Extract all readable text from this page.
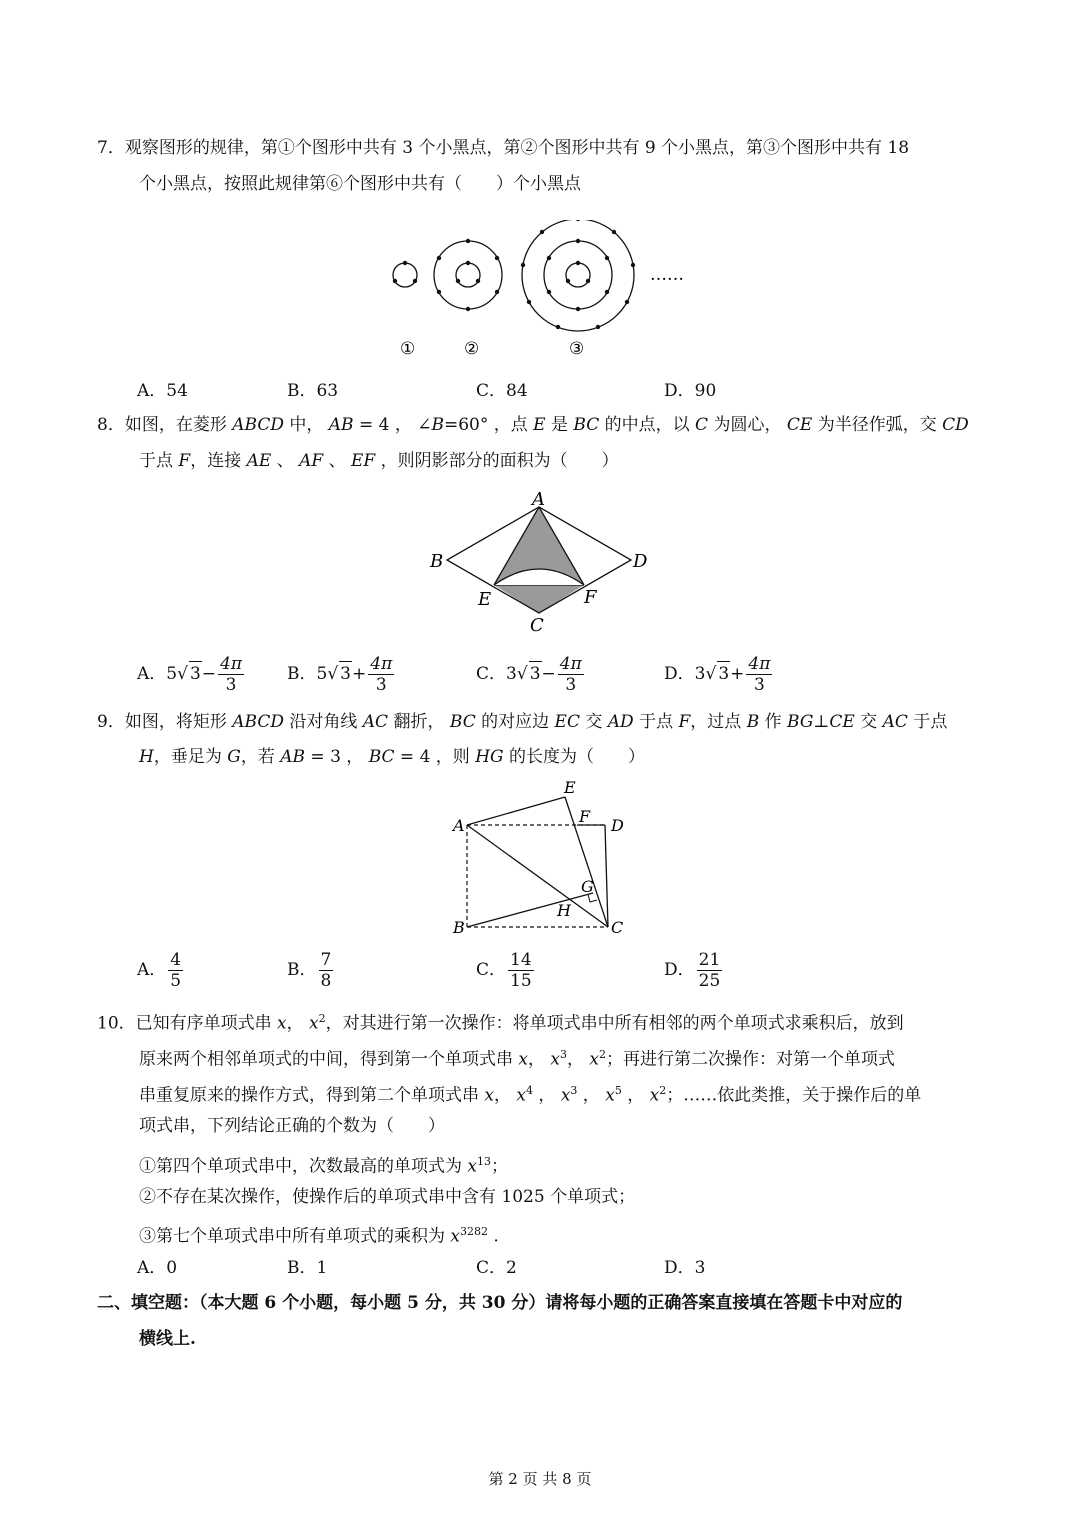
7．观察图形的规律，第①个图形中共有 3 个小黑点，第②个图形中共有 9 个小黑点，第③个图形中共有 18
个小黑点，按照此规律第⑥个图形中共有（　　）个小黑点
……
①	②	③
A．54	B．63	C．84	D．90
8．如图，在菱形 ABCD 中， AB = 4 ， ∠B=60° ，点 E 是 BC 的中点，以 C 为圆心， CE 为半径作弧，交 CD
于点 F，连接 AE 、 AF 、 EF ，则阴影部分的面积为（　　）
A
B	D
E	F
C
A．5√ $3- \frac{4\pi}{3}$	B．5√ $3+ \frac{4\pi}{3}$	C．3√ $3- \frac{4\pi}{3}$	D．3√ $3+ \frac{4\pi}{3}$
9．如图，将矩形 ABCD 沿对角线 AC 翻折， BC 的对应边 EC 交 AD 于点 F，过点 B 作 BG⊥CE 交 AC 于点
H，垂足为 G，若 AB = 3 ， BC = 4 ，则 HG 的长度为（　　）
E
A	F D
G
H
B	C
A． $\frac{4}{5}$	B． $\frac{7}{8}$	C． $\frac{14}{15}$	D． $\frac{21}{25}$
10．已知有序单项式串 x， $x^2$，对其进行第一次操作：将单项式串中所有相邻的两个单项式求乘积后，放到
原来两个相邻单项式的中间，得到第一个单项式串 x， $x^3$， $x^2$；再进行第二次操作：对第一个单项式
串重复原来的操作方式，得到第二个单项式串 x， $x^4$ ， $x^3$ ， $x^5$ ， $x^2$；……依此类推，关于操作后的单
项式串，下列结论正确的个数为（　　）
①第四个单项式串中，次数最高的单项式为 $x^{13}$；
②不存在某次操作，使操作后的单项式串中含有 1025 个单项式；
③第七个单项式串中所有单项式的乘积为 $x^{3282}$ .
A．0	B．1	C．2	D．3
二、填空题：（本大题 6 个小题，每小题 5 分，共 30 分）请将每小题的正确答案直接填在答题卡中对应的
横线上.
第 2 页 共 8 页
